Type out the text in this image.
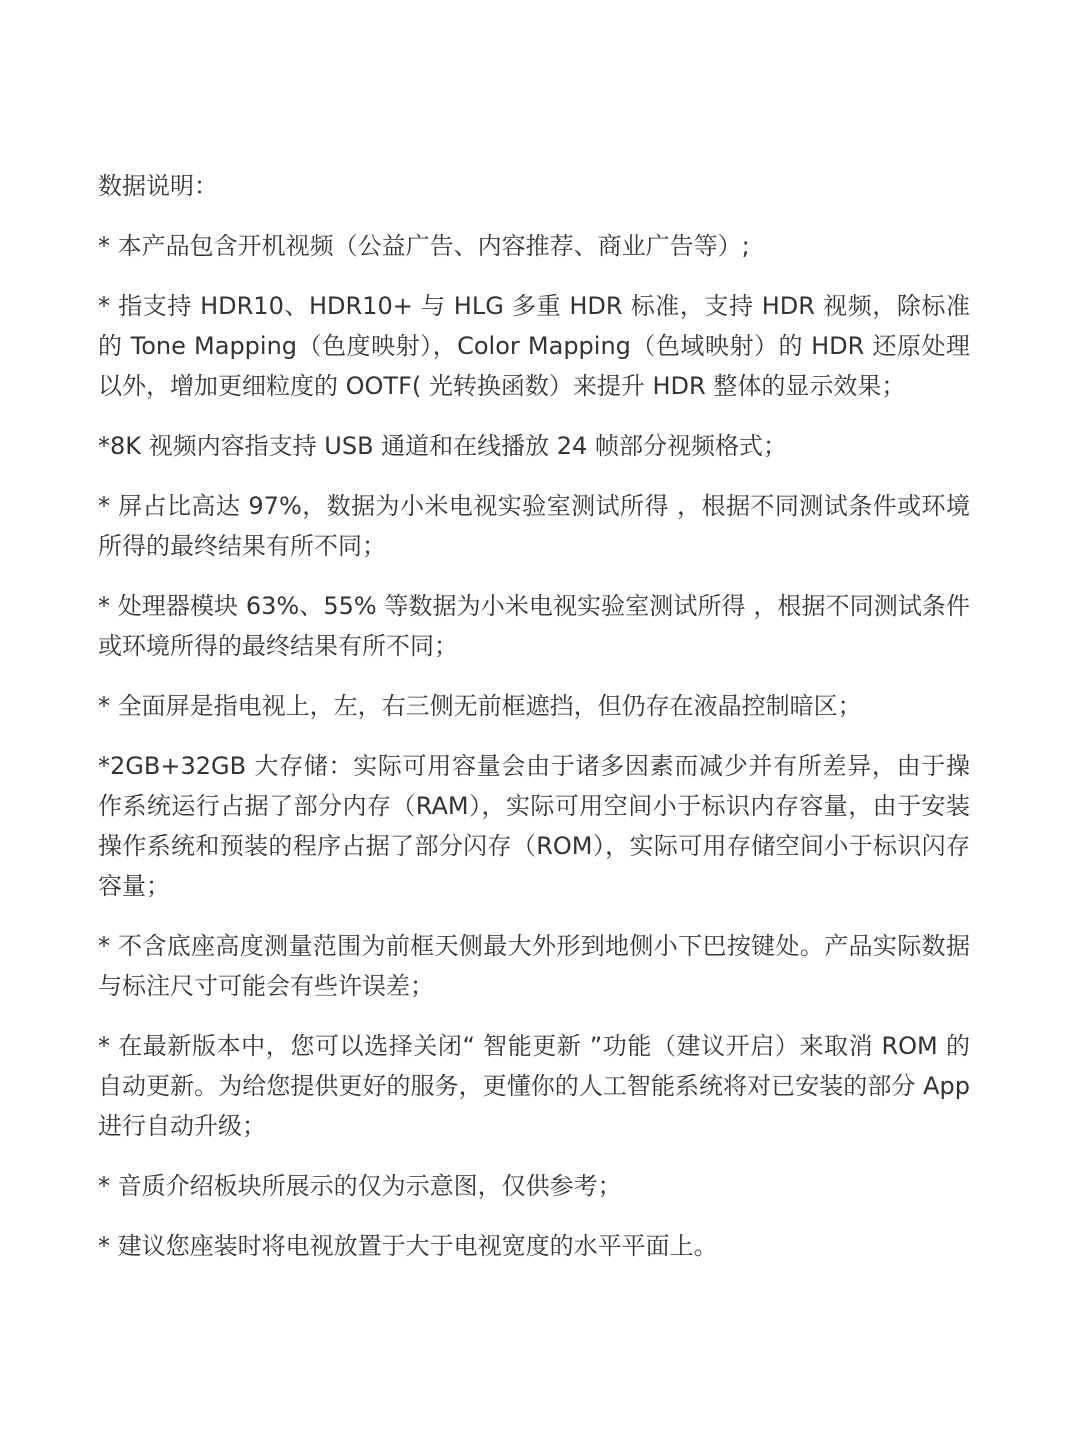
数据说明：

* 本产品包含开机视频（公益广告、内容推荐、商业广告等）;

* 指支持 HDR10、HDR10+ 与 HLG 多重 HDR 标准，支持 HDR 视频，除标准的 Tone Mapping（色度映射），Color Mapping（色域映射）的 HDR 还原处理以外，增加更细粒度的 OOTF( 光转换函数）来提升 HDR 整体的显示效果；

*8K 视频内容指支持 USB 通道和在线播放 24 帧部分视频格式；

* 屏占比高达 97%，数据为小米电视实验室测试所得 ，根据不同测试条件或环境所得的最终结果有所不同；

* 处理器模块 63%、55% 等数据为小米电视实验室测试所得 ，根据不同测试条件或环境所得的最终结果有所不同；

* 全面屏是指电视上，左，右三侧无前框遮挡，但仍存在液晶控制暗区；

*2GB+32GB 大存储：实际可用容量会由于诸多因素而减少并有所差异，由于操作系统运行占据了部分内存（RAM），实际可用空间小于标识内存容量，由于安装操作系统和预装的程序占据了部分闪存（ROM），实际可用存储空间小于标识闪存容量；

* 不含底座高度测量范围为前框天侧最大外形到地侧小下巴按键处。产品实际数据与标注尺寸可能会有些许误差；

* 在最新版本中，您可以选择关闭“ 智能更新 ”功能（建议开启）来取消 ROM 的自动更新。为给您提供更好的服务，更懂你的人工智能系统将对已安装的部分 App 进行自动升级；

* 音质介绍板块所展示的仅为示意图，仅供参考；

* 建议您座装时将电视放置于大于电视宽度的水平平面上。
